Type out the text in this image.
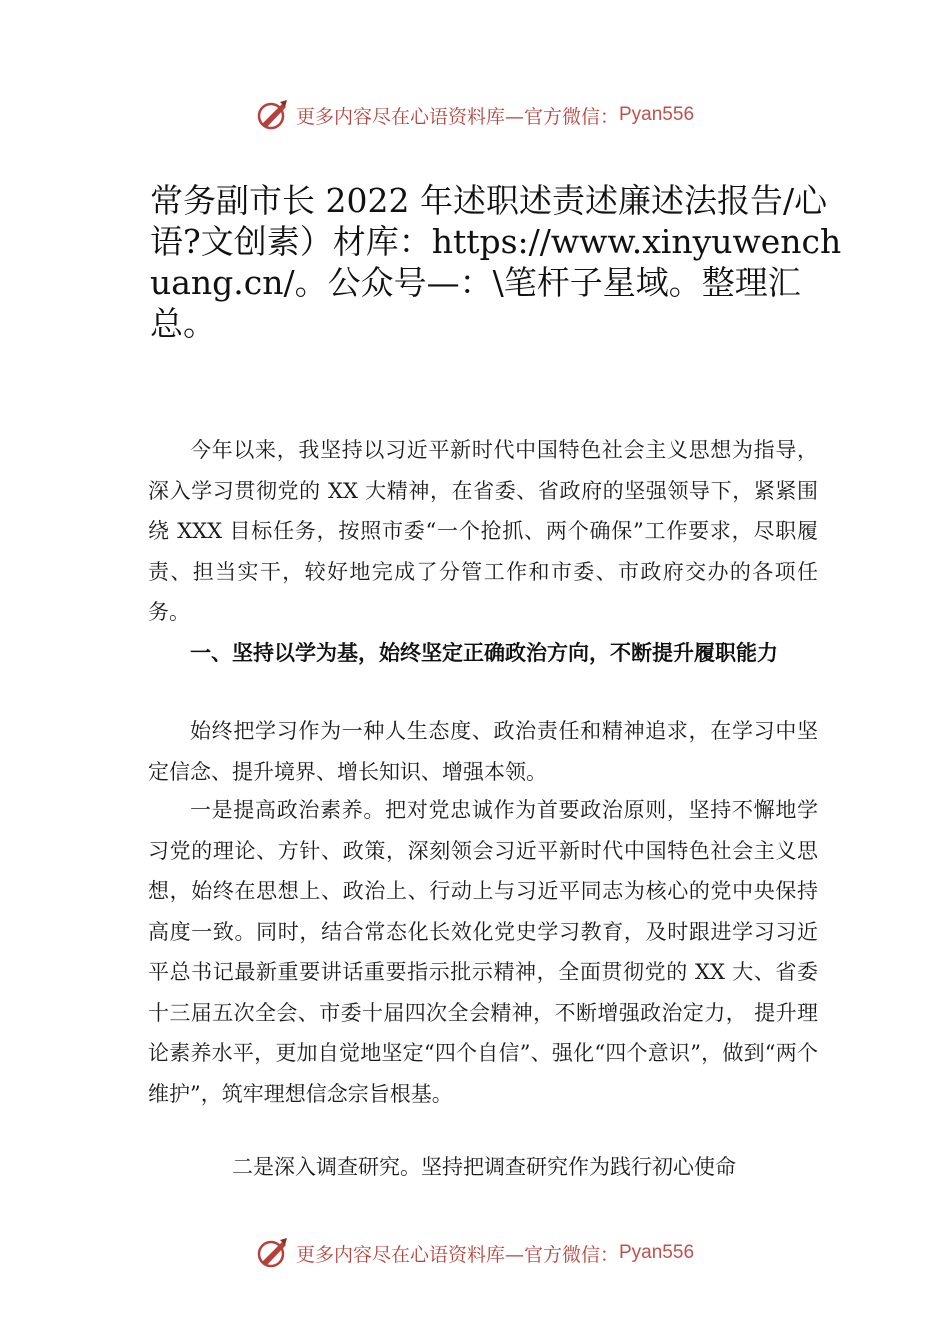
更多内容尽在心语资料库—官方微信： Pyan556
常务副市长 2022 年述职述责述廉述法报告/心语?文创素）材库：https://www.xinyuwenchuang.cn/。公众号—：\笔杆子星域。整理汇总。

今年以来，我坚持以习近平新时代中国特色社会主义思想为指导，深入学习贯彻党的 XX 大精神，在省委、省政府的坚强领导下，紧紧围绕 XXX 目标任务，按照市委“一个抢抓、两个确保”工作要求，尽职履责、担当实干，较好地完成了分管工作和市委、市政府交办的各项任务。

一、坚持以学为基，始终坚定正确政治方向，不断提升履职能力

始终把学习作为一种人生态度、政治责任和精神追求，在学习中坚定信念、提升境界、增长知识、增强本领。

一是提高政治素养。把对党忠诚作为首要政治原则，坚持不懈地学习党的理论、方针、政策，深刻领会习近平新时代中国特色社会主义思想，始终在思想上、政治上、行动上与习近平同志为核心的党中央保持高度一致。同时，结合常态化长效化党史学习教育，及时跟进学习习近平总书记最新重要讲话重要指示批示精神，全面贯彻党的 XX 大、省委十三届五次全会、市委十届四次全会精神，不断增强政治定力， 提升理论素养水平，更加自觉地坚定“四个自信”、强化“四个意识”，做到“两个维护”，筑牢理想信念宗旨根基。

二是深入调查研究。坚持把调查研究作为践行初心使命

更多内容尽在心语资料库—官方微信： Pyan556
